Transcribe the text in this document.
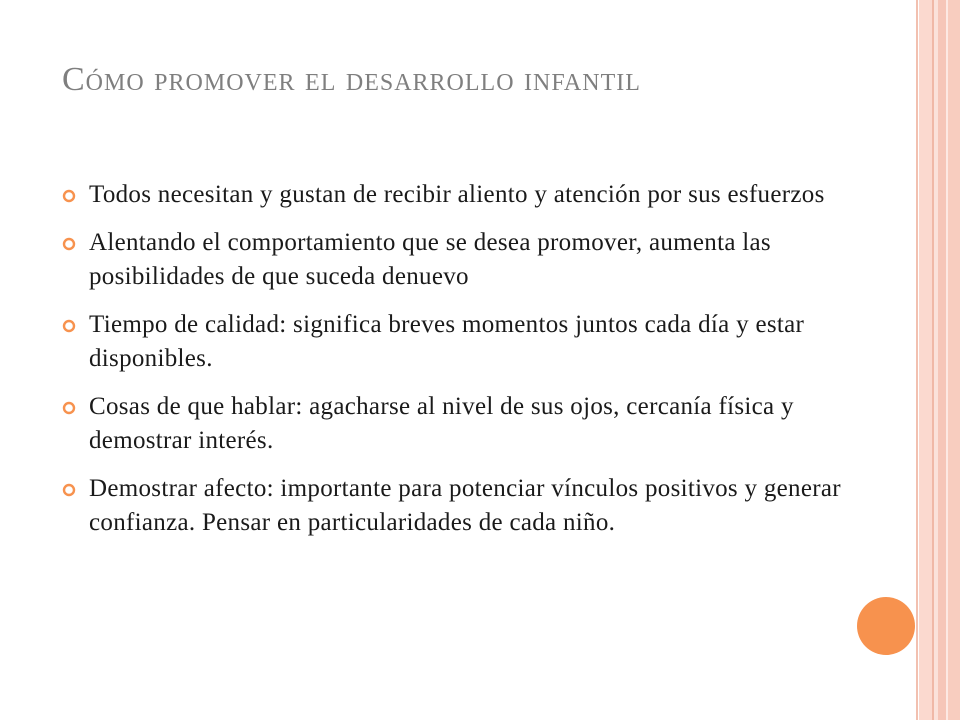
Cómo promover el desarrollo infantil
Todos necesitan y gustan de recibir aliento y atención por sus esfuerzos
Alentando el comportamiento que se desea promover, aumenta las posibilidades de que suceda denuevo
Tiempo de calidad: significa breves momentos juntos cada día y estar disponibles.
Cosas de que hablar: agacharse al nivel de sus ojos, cercanía física y demostrar interés.
Demostrar afecto: importante para potenciar vínculos positivos y generar confianza. Pensar en particularidades de cada niño.
